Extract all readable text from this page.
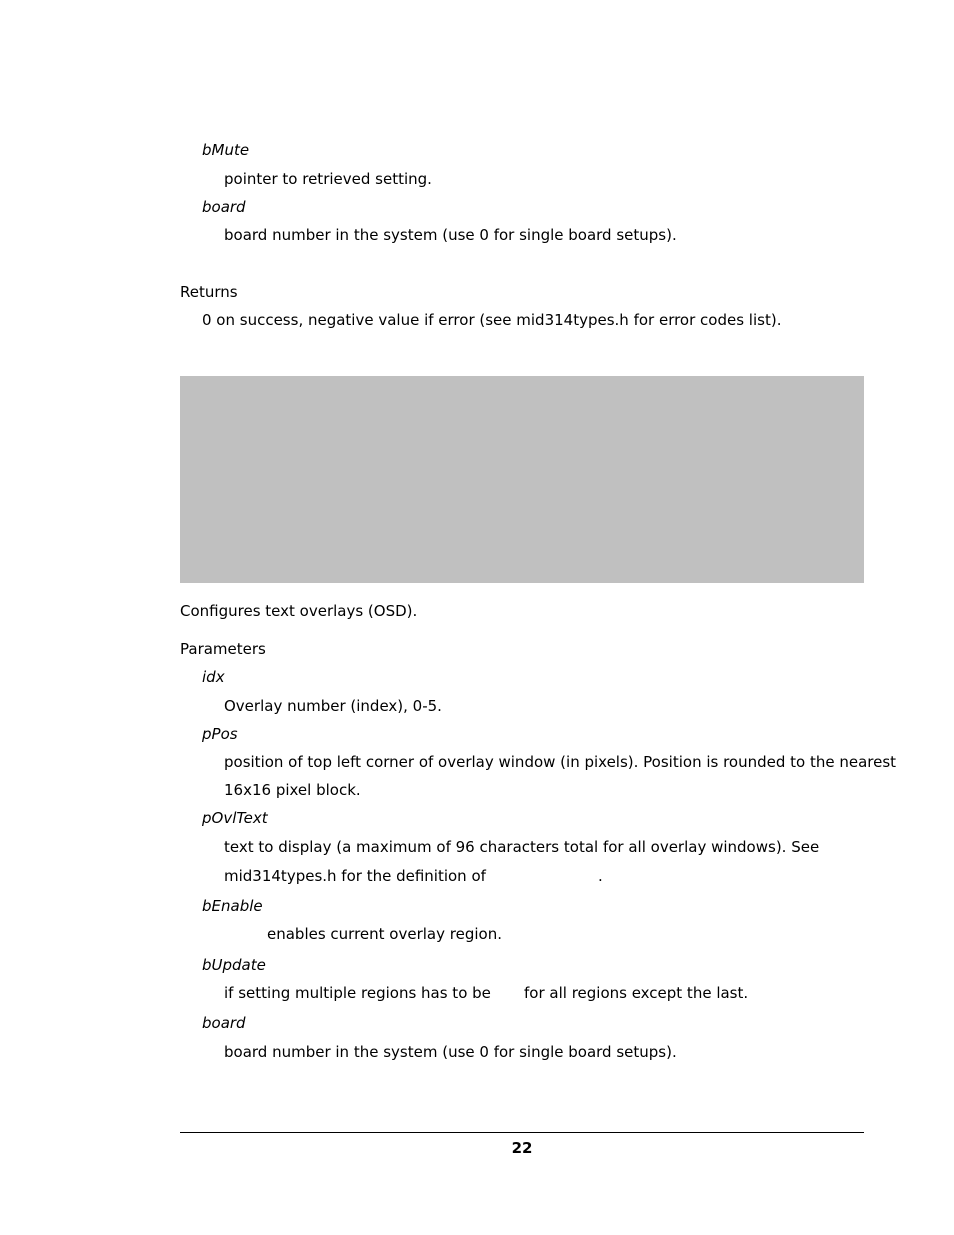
bMute
pointer to retrieved setting.
board
board number in the system (use 0 for single board setups).
Returns
0 on success, negative value if error (see mid314types.h for error codes list).
Configures text overlays (OSD).
Parameters
idx
Overlay number (index), 0-5.
pPos
position of top left corner of overlay window (in pixels). Position is rounded to the nearest
16x16 pixel block.
pOvlText
text to display (a maximum of 96 characters total for all overlay windows). See
mid314types.h for the definition of	.
bEnable
enables current overlay region.
bUpdate
if setting multiple regions has to be for all regions except the last.
board
board number in the system (use 0 for single board setups).
22
